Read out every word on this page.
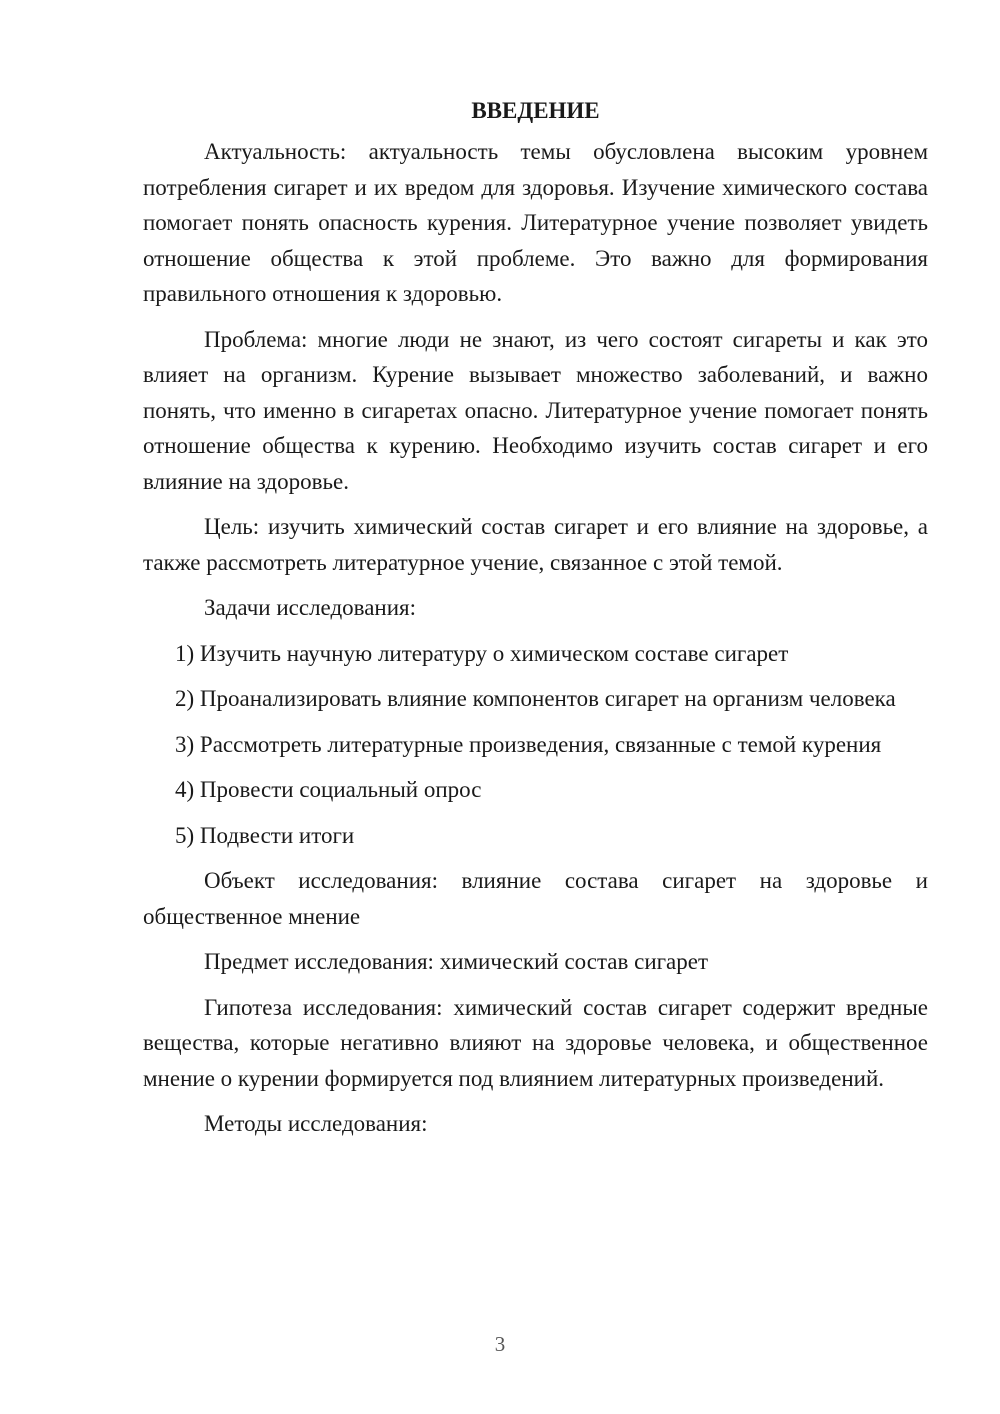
ВВЕДЕНИЕ

Актуальность: актуальность темы обусловлена высоким уровнем потребления сигарет и их вредом для здоровья. Изучение химического состава помогает понять опасность курения. Литературное учение позволяет увидеть отношение общества к этой проблеме. Это важно для формирования правильного отношения к здоровью.

Проблема: многие люди не знают, из чего состоят сигареты и как это влияет на организм. Курение вызывает множество заболеваний, и важно понять, что именно в сигаретах опасно. Литературное учение помогает понять отношение общества к курению. Необходимо изучить состав сигарет и его влияние на здоровье.

Цель: изучить химический состав сигарет и его влияние на здоровье, а также рассмотреть литературное учение, связанное с этой темой.

Задачи исследования:

1) Изучить научную литературу о химическом составе сигарет

2) Проанализировать влияние компонентов сигарет на организм человека

3) Рассмотреть литературные произведения, связанные с темой курения

4) Провести социальный опрос

5) Подвести итоги

Объект исследования: влияние состава сигарет на здоровье и общественное мнение

Предмет исследования: химический состав сигарет

Гипотеза исследования: химический состав сигарет содержит вредные вещества, которые негативно влияют на здоровье человека, и общественное мнение о курении формируется под влиянием литературных произведений.

Методы исследования:

3
